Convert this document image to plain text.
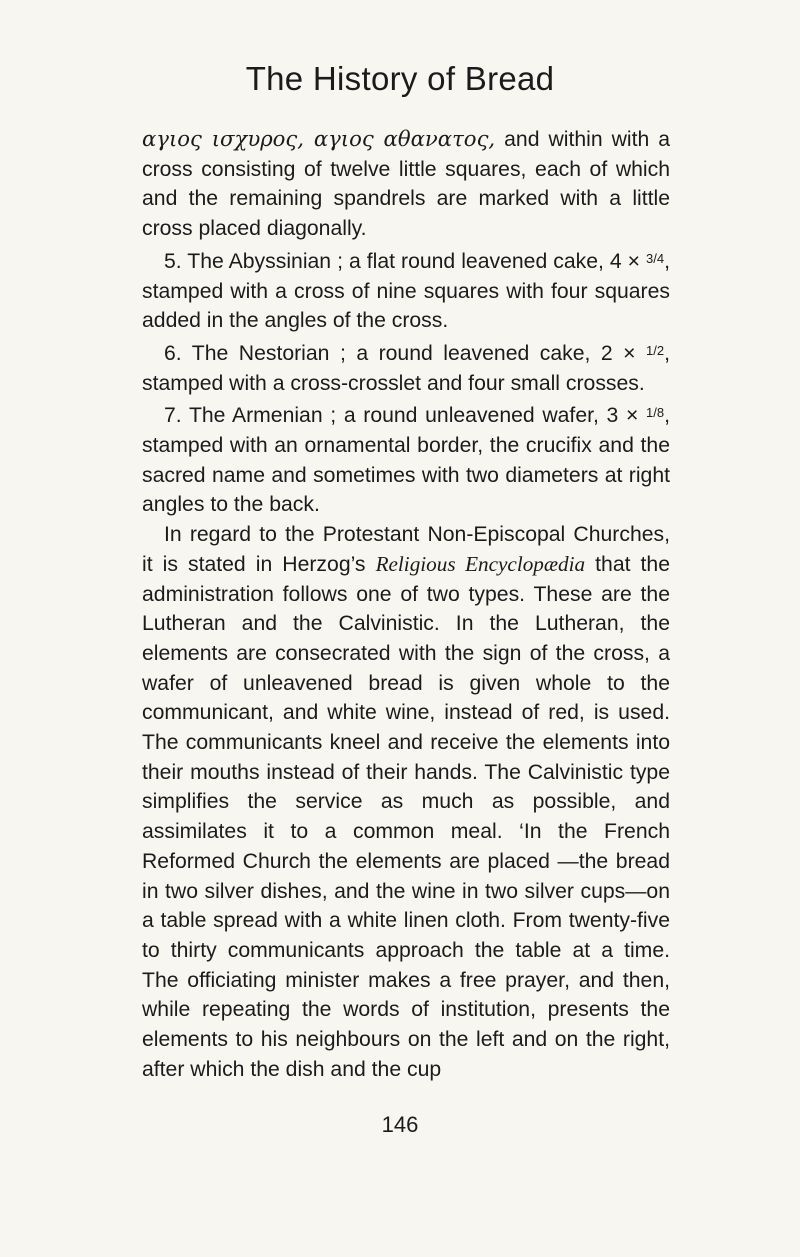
The History of Bread

αγιος ισχυρος, αγιος αθανατος, and within with a cross consisting of twelve little squares, each of which and the remaining spandrels are marked with a little cross placed diagonally.

5. The Abyssinian ; a flat round leavened cake, 4 × $^{3/4}$, stamped with a cross of nine squares with four squares added in the angles of the cross.

6. The Nestorian ; a round leavened cake, 2 × $^{1/2}$, stamped with a cross-crosslet and four small crosses.

7. The Armenian ; a round unleavened wafer, 3 × $^{1/8}$, stamped with an ornamental border, the crucifix and the sacred name and sometimes with two diameters at right angles to the back.

In regard to the Protestant Non-Episcopal Churches, it is stated in Herzog’s Religious Encyclopædia that the administration follows one of two types. These are the Lutheran and the Calvinistic. In the Lutheran, the elements are consecrated with the sign of the cross, a wafer of unleavened bread is given whole to the communicant, and white wine, instead of red, is used. The communicants kneel and receive the elements into their mouths instead of their hands. The Calvinistic type simplifies the service as much as possible, and assimilates it to a common meal. ‘In the French Reformed Church the elements are placed —the bread in two silver dishes, and the wine in two silver cups—on a table spread with a white linen cloth. From twenty-five to thirty communicants approach the table at a time. The officiating minister makes a free prayer, and then, while repeating the words of institution, presents the elements to his neighbours on the left and on the right, after which the dish and the cup

146
